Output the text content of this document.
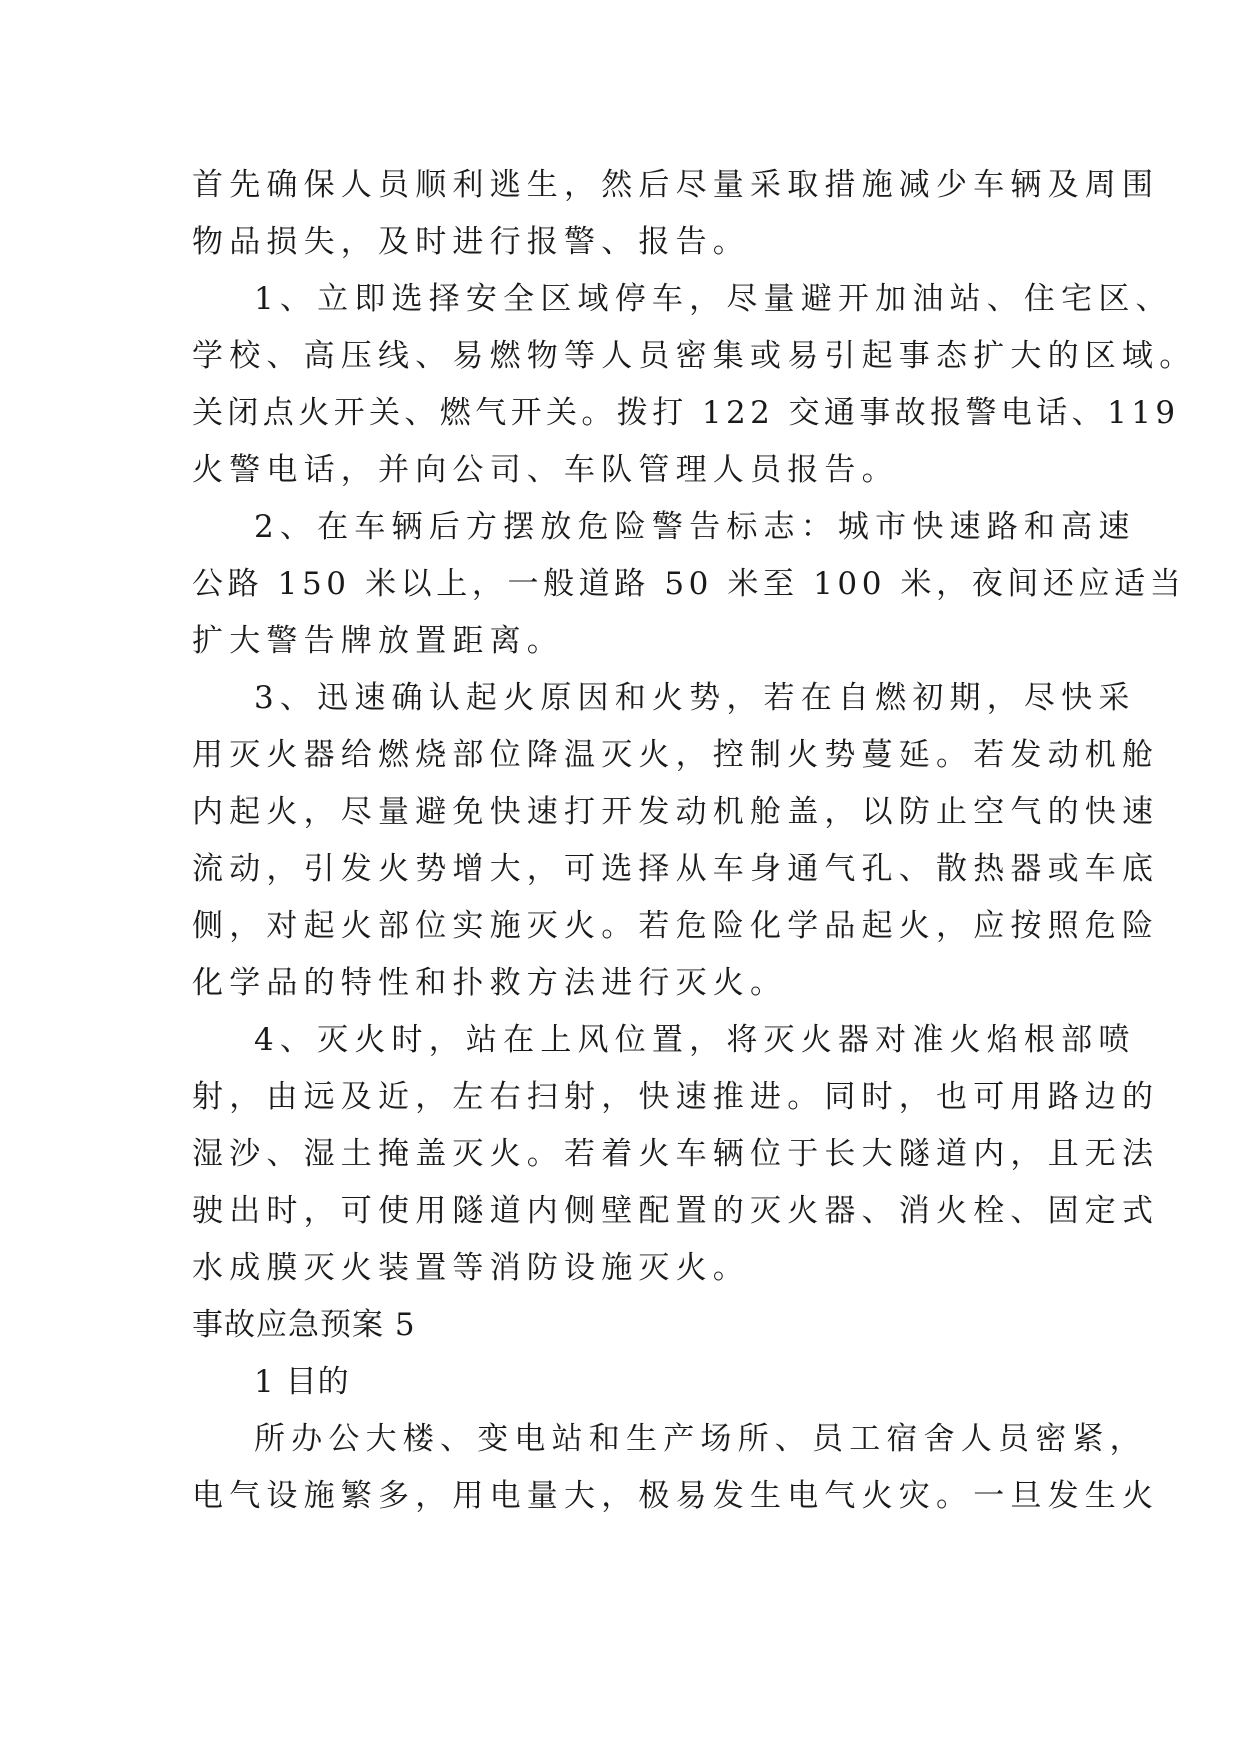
首先确保人员顺利逃生，然后尽量采取措施减少车辆及周围
物品损失，及时进行报警、报告。
1、立即选择安全区域停车，尽量避开加油站、住宅区、
学校、高压线、易燃物等人员密集或易引起事态扩大的区域。
关闭点火开关、燃气开关。拨打 122 交通事故报警电话、119
火警电话，并向公司、车队管理人员报告。
2、在车辆后方摆放危险警告标志：城市快速路和高速
公路 150 米以上，一般道路 50 米至 100 米，夜间还应适当
扩大警告牌放置距离。
3、迅速确认起火原因和火势，若在自燃初期，尽快采
用灭火器给燃烧部位降温灭火，控制火势蔓延。若发动机舱
内起火，尽量避免快速打开发动机舱盖，以防止空气的快速
流动，引发火势增大，可选择从车身通气孔、散热器或车底
侧，对起火部位实施灭火。若危险化学品起火，应按照危险
化学品的特性和扑救方法进行灭火。
4、灭火时，站在上风位置，将灭火器对准火焰根部喷
射，由远及近，左右扫射，快速推进。同时，也可用路边的
湿沙、湿土掩盖灭火。若着火车辆位于长大隧道内，且无法
驶出时，可使用隧道内侧壁配置的灭火器、消火栓、固定式
水成膜灭火装置等消防设施灭火。
事故应急预案 5
1 目的
所办公大楼、变电站和生产场所、员工宿舍人员密紧，
电气设施繁多，用电量大，极易发生电气火灾。一旦发生火
